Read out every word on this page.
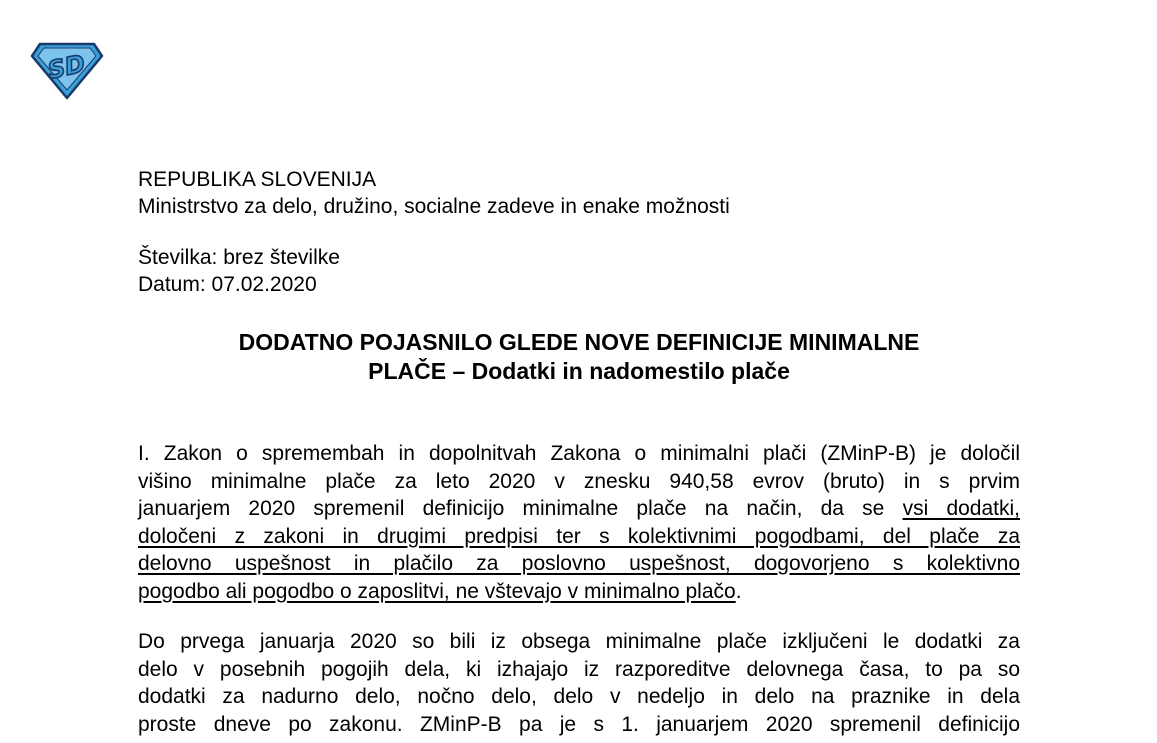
SD
REPUBLIKA SLOVENIJA
Ministrstvo za delo, družino, socialne zadeve in enake možnosti
Številka: brez številke
Datum: 07.02.2020
DODATNO POJASNILO GLEDE NOVE DEFINICIJE MINIMALNE
PLAČE – Dodatki in nadomestilo plače
I. Zakon o spremembah in dopolnitvah Zakona o minimalni plači (ZMinP-B) je določil
višino minimalne plače za leto 2020 v znesku 940,58 evrov (bruto) in s prvim
januarjem 2020 spremenil definicijo minimalne plače na način, da se vsi dodatki,
določeni z zakoni in drugimi predpisi ter s kolektivnimi pogodbami, del plače za
delovno uspešnost in plačilo za poslovno uspešnost, dogovorjeno s kolektivno
pogodbo ali pogodbo o zaposlitvi, ne vštevajo v minimalno plačo.
Do prvega januarja 2020 so bili iz obsega minimalne plače izključeni le dodatki za
delo v posebnih pogojih dela, ki izhajajo iz razporeditve delovnega časa, to pa so
dodatki za nadurno delo, nočno delo, delo v nedeljo in delo na praznike in dela
proste dneve po zakonu. ZMinP-B pa je s 1. januarjem 2020 spremenil definicijo
